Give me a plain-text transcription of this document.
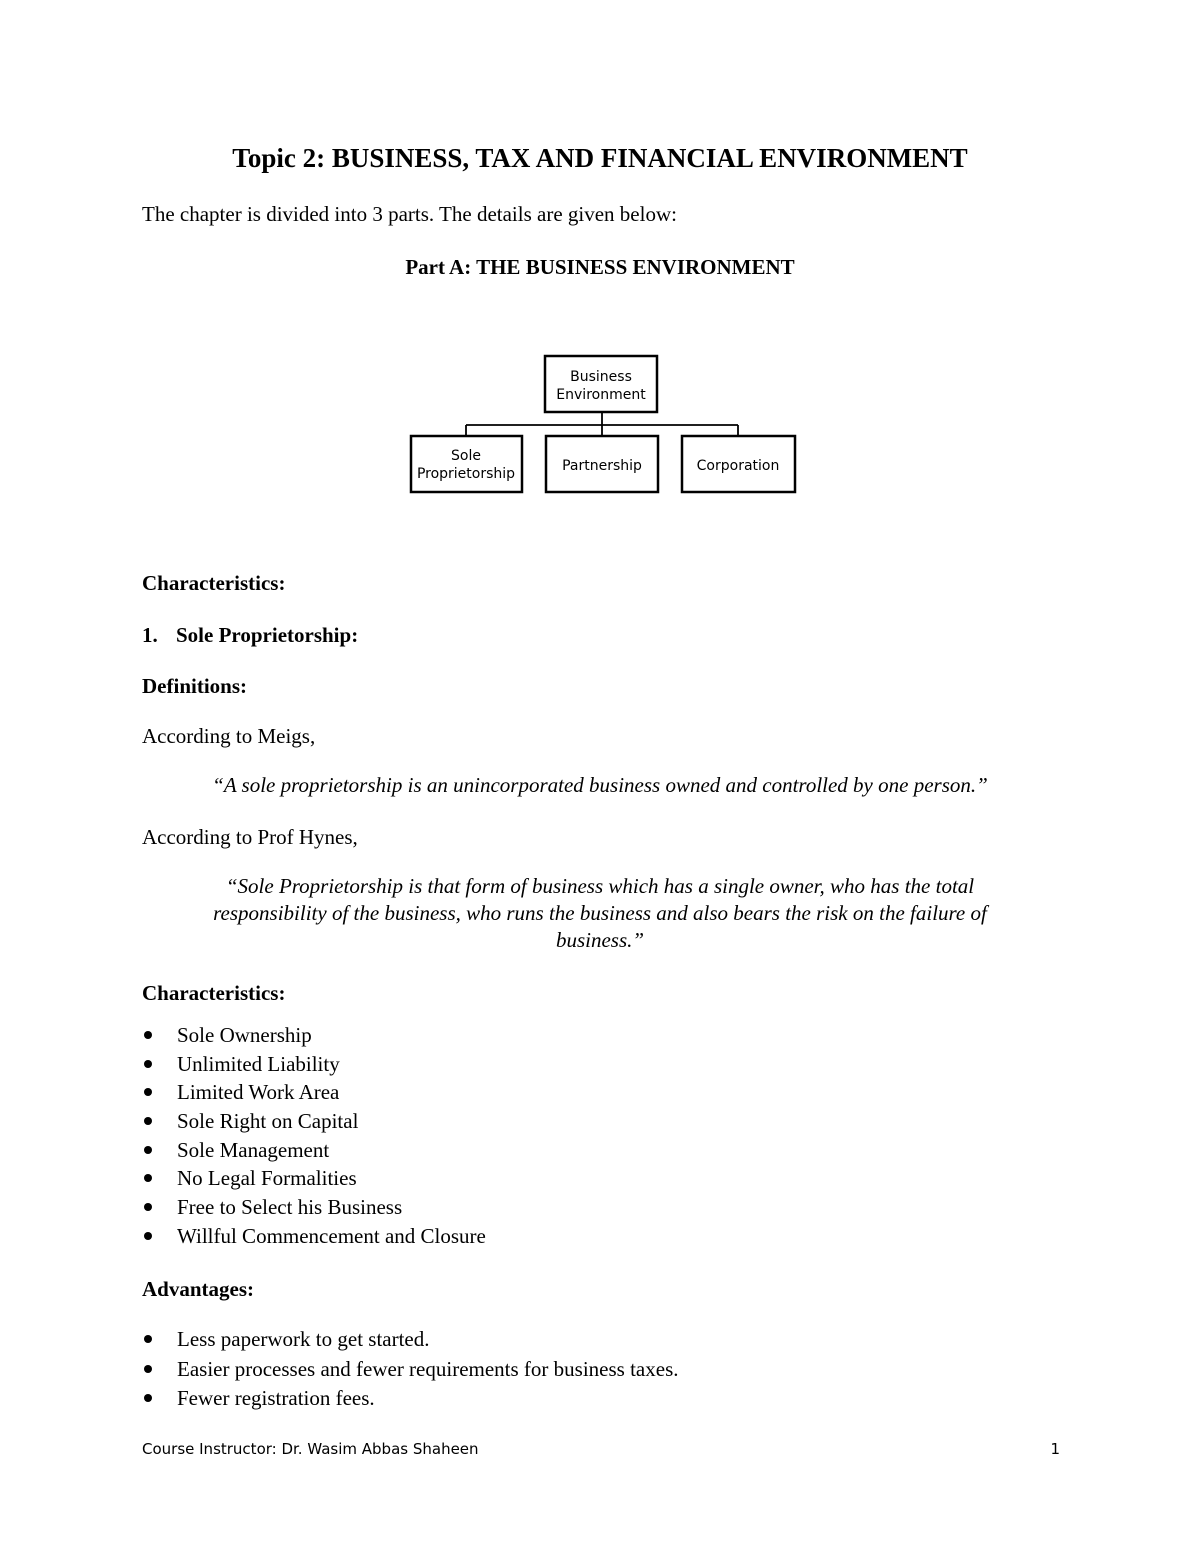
Topic 2: BUSINESS, TAX AND FINANCIAL ENVIRONMENT
The chapter is divided into 3 parts. The details are given below:
Part A: THE BUSINESS ENVIRONMENT
Business
Environment
Sole
Proprietorship	Partnership	Corporation
Characteristics:
1. Sole Proprietorship:
Definitions:
According to Meigs,
“A sole proprietorship is an unincorporated business owned and controlled by one person.”
According to Prof Hynes,
“Sole Proprietorship is that form of business which has a single owner, who has the total
responsibility of the business, who runs the business and also bears the risk on the failure of
business.”
Characteristics:
Sole Ownership
Unlimited Liability
Limited Work Area
Sole Right on Capital
Sole Management
No Legal Formalities
Free to Select his Business
Willful Commencement and Closure
Advantages:
Less paperwork to get started.
Easier processes and fewer requirements for business taxes.
Fewer registration fees.
Course Instructor: Dr. Wasim Abbas Shaheen	1
